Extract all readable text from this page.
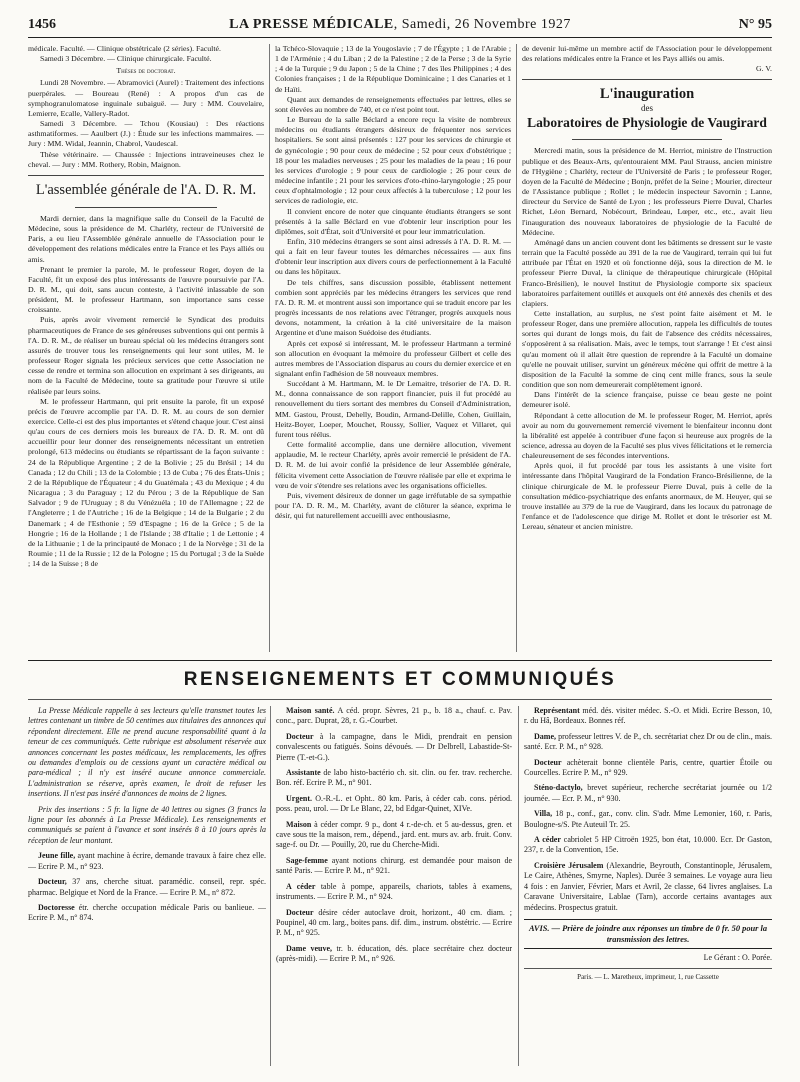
1456	LA PRESSE MÉDICALE, Samedi, 26 Novembre 1927	N° 95

médicale. Faculté. — Clinique obstétricale (2 séries). Faculté.

Samedi 3 Décembre. — Clinique chirurgicale. Faculté.

Thèses de doctorat.

Lundi 28 Novembre. — Abramovici (Aurel) : Traitement des infections puerpérales. — Boureau (René) : A propos d'un cas de symphogranulomatose inguinale subaiguë. — Jury : MM. Couvelaire, Lemierre, Ecalle, Vallery-Radot.

Samedi 3 Décembre. — Tchou (Kousiau) : Des réactions asthmatiformes. — Aaulbert (J.) : Étude sur les infections mammaires. — Jury : MM. Widal, Jeannin, Chabrol, Vaudescal.

Thèse vétérinaire. — Chaussée : Injections intraveineuses chez le cheval. — Jury : MM. Rothery, Robin, Maignon.

L'assemblée générale de l'A. D. R. M.

Mardi dernier, dans la magnifique salle du Conseil de la Faculté de Médecine, sous la présidence de M. Charléty, recteur de l'Université de Paris, a eu lieu l'Assemblée générale annuelle de l'Association pour le développement des relations médicales entre la France et les Pays alliés ou amis.

Prenant le premier la parole, M. le professeur Roger, doyen de la Faculté, fit un exposé des plus intéressants de l'œuvre poursuivie par l'A. D. R. M., qui doit, sans aucun conteste, à l'activité inlassable de son président, M. le professeur Hartmann, son importance sans cesse croissante.

Puis, après avoir vivement remercié le Syndicat des produits pharmaceutiques de France de ses généreuses subventions qui ont permis à l'A. D. R. M., de réaliser un bureau spécial où les médecins étrangers sont assurés de trouver tous les renseignements qui leur sont utiles, M. le professeur Roger signala les précieux services que cette Association ne cesse de rendre et termina son allocution en exprimant à ses dirigeants, au nom de la Faculté de Médecine, toute sa gratitude pour l'œuvre si utile réalisée par leurs soins.

M. le professeur Hartmann, qui prit ensuite la parole, fit un exposé précis de l'œuvre accomplie par l'A. D. R. M. au cours de son dernier exercice. Celle-ci est des plus importantes et s'étend chaque jour. C'est ainsi qu'au cours de ces derniers mois les bureaux de l'A. D. R. M. ont dû accueillir pour leur donner des renseignements nécessitant un entretien prolongé, 613 médecins ou étudiants se répartissant de la façon suivante : 24 de la République Argentine ; 2 de la Bolivie ; 25 du Brésil ; 14 du Canada ; 12 du Chili ; 13 de la Colombie ; 13 de Cuba ; 76 des États-Unis ; 2 de la République de l'Équateur ; 4 du Guatémala ; 43 du Mexique ; 4 du Nicaragua ; 3 du Paraguay ; 12 du Pérou ; 3 de la République de San Salvador ; 9 de l'Uruguay ; 8 du Vénézuéla ; 10 de l'Allemagne ; 22 de l'Angleterre ; 1 de l'Autriche ; 16 de la Belgique ; 14 de la Bulgarie ; 2 du Danemark ; 4 de l'Esthonie ; 59 d'Espagne ; 16 de la Grèce ; 5 de la Hongrie ; 16 de la Hollande ; 1 de l'Islande ; 38 d'Italie ; 1 de Lettonie ; 4 de la Lithuanie ; 1 de la principauté de Monaco ; 1 de la Norvège ; 31 de la Roumie ; 11 de la Russie ; 12 de la Pologne ; 15 du Portugal ; 3 de la Suède ; 14 de la Suisse ; 8 de

la Tchéco-Slovaquie ; 13 de la Yougoslavie ; 7 de l'Égypte ; 1 de l'Arabie ; 1 de l'Arménie ; 4 du Liban ; 2 de la Palestine ; 2 de la Perse ; 3 de la Syrie ; 4 de la Turquie ; 9 du Japon ; 5 de la Chine ; 7 des îles Philippines ; 4 des Colonies françaises ; 1 de la République Dominicaine ; 1 des Canaries et 1 de Haïti.

Quant aux demandes de renseignements effectuées par lettres, elles se sont élevées au nombre de 740, et ce n'est point tout.

Le Bureau de la salle Béclard a encore reçu la visite de nombreux médecins ou étudiants étrangers désireux de fréquenter nos services hospitaliers. Se sont ainsi présentés : 127 pour les services de chirurgie et de gynécologie ; 90 pour ceux de médecine ; 52 pour ceux d'obstétrique ; 18 pour les maladies nerveuses ; 25 pour les maladies de la peau ; 16 pour les services d'urologie ; 9 pour ceux de cardiologie ; 26 pour ceux de médecine infantile ; 21 pour les services d'oto-rhino-laryngologie ; 25 pour ceux d'ophtalmologie ; 12 pour ceux affectés à la tuberculose ; 12 pour les services de radiologie, etc.

Il convient encore de noter que cinquante étudiants étrangers se sont présentés à la salle Béclard en vue d'obtenir leur inscription pour les diplômes, soit d'État, soit d'Université et pour leur immatriculation.

Enfin, 310 médecins étrangers se sont ainsi adressés à l'A. D. R. M. — qui a fait en leur faveur toutes les démarches nécessaires — aux fins d'obtenir leur inscription aux divers cours de perfectionnement à la Faculté ou dans les hôpitaux.

De tels chiffres, sans discussion possible, établissent nettement combien sont appréciés par les médecins étrangers les services que rend l'A. D. R. M. et montrent aussi son importance qui se traduit encore par les progrès incessants de nos relations avec l'étranger, progrès auxquels nous devons, notamment, la création à la cité universitaire de la maison Argentine et d'une maison Suédoise des étudiants.

Après cet exposé si intéressant, M. le professeur Hartmann a terminé son allocution en évoquant la mémoire du professeur Gilbert et celle des autres membres de l'Association disparus au cours du dernier exercice et en signalant enfin l'adhésion de 58 nouveaux membres.

Succédant à M. Hartmann, M. le Dr Lemaitre, trésorier de l'A. D. R. M., donna connaissance de son rapport financier, puis il fut procédé au renouvellement du tiers sortant des membres du Conseil d'Administration, MM. Gastou, Proust, Dehelly, Boudin, Armand-Delille, Cohen, Guillain, Heitz-Boyer, Loeper, Mouchet, Roussy, Sollier, Vaquez et Villaret, qui furent tous réélus.

Cette formalité accomplie, dans une dernière allocution, vivement applaudie, M. le recteur Charléty, après avoir remercié le président de l'A. D. R. M. de lui avoir confié la présidence de leur Assemblée générale, félicita vivement cette Association de l'œuvre réalisée par elle et exprima le vœu de voir s'étendre ses relations avec les organisations officielles.

Puis, vivement désireux de donner un gage irréfutable de sa sympathie pour l'A. D. R. M., M. Charléty, avant de clôturer la séance, exprima le désir, qui fut naturellement accueilli avec enthousiasme,

de devenir lui-même un membre actif de l'Association pour le développement des relations médicales entre la France et les Pays alliés ou amis.

G. V.

L'inauguration
des
Laboratoires de Physiologie de Vaugirard

Mercredi matin, sous la présidence de M. Herriot, ministre de l'Instruction publique et des Beaux-Arts, qu'entouraient MM. Paul Strauss, ancien ministre de l'Hygiène ; Charléty, recteur de l'Université de Paris ; le professeur Roger, doyen de la Faculté de Médecine ; Bonjn, préfet de la Seine ; Mourier, directeur de l'Assistance publique ; Rollet ; le médecin inspecteur Savornin ; Lanne, directeur du Service de Santé de Lyon ; les professeurs Pierre Duval, Charles Richet, Léon Bernard, Nobécourt, Brindeau, Lœper, etc., etc., avait lieu l'inauguration des nouveaux laboratoires de physiologie de la Faculté de Médecine.

Aménagé dans un ancien couvent dont les bâtiments se dressent sur le vaste terrain que la Faculté possède au 391 de la rue de Vaugirard, terrain qui lui fut attribuée par l'État en 1920 et où fonctionne déjà, sous la direction de M. le professeur Pierre Duval, la clinique de thérapeutique chirurgicale (Hôpital Franco-Brésilien), le nouvel Institut de Physiologie comporte six spacieux laboratoires parfaitement outillés et auxquels ont été annexés des chenils et des clapiers.

Cette installation, au surplus, ne s'est point faite aisément et M. le professeur Roger, dans une première allocution, rappela les difficultés de toutes sortes qui durant de longs mois, du fait de l'absence des crédits nécessaires, s'opposèrent à sa réalisation. Mais, avec le temps, tout s'arrange ! Et c'est ainsi qu'au moment où il allait être question de reprendre à la Faculté un domaine qu'elle ne pouvait utiliser, survint un généreux mécène qui offrit de mettre à la disposition de la Faculté la somme de cinq cent mille francs, sous la seule condition que son nom demeurerait complètement ignoré.

Dans l'intérêt de la science française, puisse ce beau geste ne point demeurer isolé.

Répondant à cette allocution de M. le professeur Roger, M. Herriot, après avoir au nom du gouvernement remercié vivement le bienfaiteur inconnu dont la libéralité est appelée à contribuer d'une façon si heureuse aux progrès de la science, adressa au doyen de la Faculté ses plus vives félicitations et le remercia chaleureusement de ses fécondes interventions.

Après quoi, il fut procédé par tous les assistants à une visite fort intéressante dans l'hôpital Vaugirard de la Fondation Franco-Brésilienne, de la clinique chirurgicale de M. le professeur Pierre Duval, puis à celle de la consultation médico-psychiatrique des enfants anormaux, de M. Heuyer, qui se trouve installée au 379 de la rue de Vaugirard, dans les locaux du patronage de l'enfance et de l'adolescence que dirige M. Rollet et dont le trésorier est M. Lereau, sénateur et ancien ministre.

RENSEIGNEMENTS ET COMMUNIQUÉS

La Presse Médicale rappelle à ses lecteurs qu'elle transmet toutes les lettres contenant un timbre de 50 centimes aux titulaires des annonces qui répondent directement. Elle ne prend aucune responsabilité quant à la teneur de ces communiqués. Cette rubrique est absolument réservée aux annonces concernant les postes médicaux, les remplacements, les offres ou demandes d'emplois ou de cessions ayant un caractère médical ou para-médical ; il n'y est inséré aucune annonce commerciale. L'administration se réserve, après examen, le droit de refuser les insertions. Il n'est pas inséré d'annonces de moins de 2 lignes.

Prix des insertions : 5 fr. la ligne de 40 lettres ou signes (3 francs la ligne pour les abonnés à La Presse Médicale). Les renseignements et communiqués se paient à l'avance et sont insérés 8 à 10 jours après la réception de leur montant.

Jeune fille, ayant machine à écrire, demande travaux à faire chez elle. — Ecrire P. M., n° 923.

Docteur, 37 ans, cherche situat. paramédic. conseil, repr. spéc. pharmac. Belgique et Nord de la France. — Ecrire P. M., n° 872.

Doctoresse étr. cherche occupation médicale Paris ou banlieue. — Ecrire P. M., n° 874.

Maison santé. A céd. propr. Sèvres, 21 p., b. 18 a., chauf. c. Pav. conc., parc. Duprat, 28, r. G.-Courbet.

Docteur à la campagne, dans le Midi, prendrait en pension convalescents ou fatigués. Soins dévoués. — Dr Delbrell, Labastide-St-Pierre (T.-et-G.).

Assistante de labo histo-bactério ch. sit. clin. ou fer. trav. recherche. Bon. réf. Ecrire P. M., n° 901.

Urgent. O.-R.-L. et Opht.. 80 km. Paris, à céder cab. cons. périod. poss. peau, urol. — Dr Le Blanc, 22, bd Edgar-Quinet, XIVe.

Maison à céder compr. 9 p., dont 4 r.-de-ch. et 5 au-dessus, gren. et cave sous tte la maison, rem., dépend., jard. ent. murs av. arb. fruit. Conv. sage-f. ou Dr. — Pouilly, 20, rue du Cherche-Midi.

Sage-femme ayant notions chirurg. est demandée pour maison de santé Paris. — Ecrire P. M., n° 921.

A céder table à pompe, appareils, chariots, tables à examens, instruments. — Ecrire P. M., n° 924.

Docteur désire céder autoclave droit, horizont., 40 cm. diam. ; Poupinel, 40 cm. larg., boites pans. dif. dim., instrum. obstétric. — Ecrire P. M., n° 925.

Dame veuve, tr. b. éducation, dés. place secrétaire chez docteur (après-midi). — Ecrire P. M., n° 926.

Représentant méd. dés. visiter médec. S.-O. et Midi. Ecrire Besson, 10, r. du Hâ, Bordeaux. Bonnes réf.

Dame, professeur lettres V. de P., ch. secrétariat chez Dr ou de clin., mais. santé. Ecr. P. M., n° 928.

Docteur achèterait bonne clientèle Paris, centre, quartier Étoile ou Courcelles. Ecrire P. M., n° 929.

Sténo-dactylo, brevet supérieur, recherche secrétariat journée ou 1/2 journée. — Ecr. P. M., n° 930.

Villa, 18 p., conf., gar., conv. clin. S'adr. Mme Lemonier, 160, r. Paris, Boulogne-s/S. Pte Auteuil Tr. 25.

A céder cabriolet 5 HP Citroën 1925, bon état, 10.000. Ecr. Dr Gaston, 237, r. de la Convention, 15e.

Croisière Jérusalem (Alexandrie, Beyrouth, Constantinople, Jérusalem, Le Caire, Athènes, Smyrne, Naples). Durée 3 semaines. Le voyage aura lieu 4 fois : en Janvier, Février, Mars et Avril, 2e classe, 64 livres anglaises. La Caravane Universitaire, Lablae (Tarn), accorde certains avantages aux médecins. Prospectus gratuit.

AVIS. — Prière de joindre aux réponses un timbre de 0 fr. 50 pour la transmission des lettres.
Le Gérant : O. Porée.
Paris. — L. Maretheux, imprimeur, 1, rue Cassette
